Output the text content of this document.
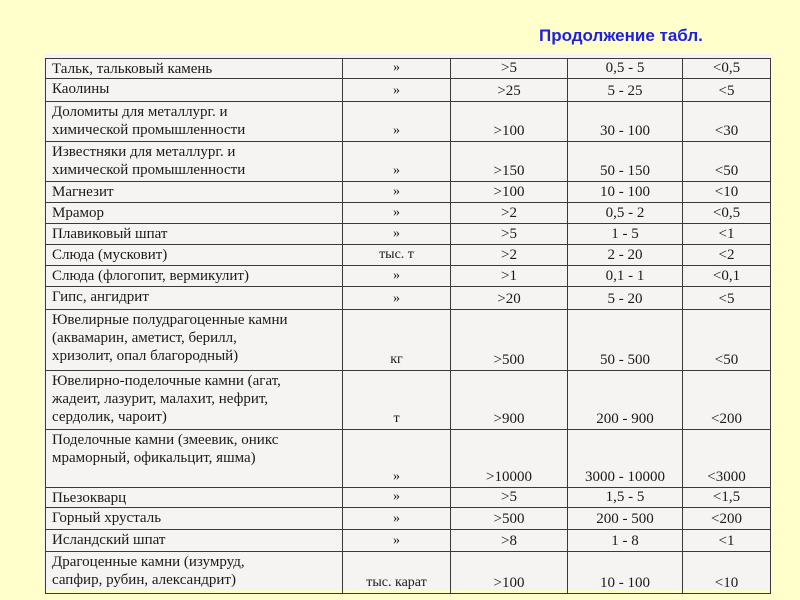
Продолжение табл.
Тальк, тальковый камень	»	>5	0,5 - 5	<0,5

Каолины	»	>25	5 - 25	<5

Доломиты для металлург. и
химической промышленности	»	>100	30 - 100	<30

Известняки для металлург. и
химической промышленности	»	>150	50 - 150	<50

Магнезит	»	>100	10 - 100	<10

Мрамор	»	>2	0,5 - 2	<0,5

Плавиковый шпат	»	>5	1 - 5	<1

Слюда (мусковит)	тыс. т	>2	2 - 20	<2

Слюда (флогопит, вермикулит)	»	>1	0,1 - 1	<0,1

Гипс, ангидрит	»	>20	5 - 20	<5

Ювелирные полудрагоценные камни
(аквамарин, аметист, берилл,
хризолит, опал благородный)	кг	>500	50 - 500	<50

Ювелирно-поделочные камни (агат,
жадеит, лазурит, малахит, нефрит,
сердолик, чароит)	т	>900	200 - 900	<200

Поделочные камни (змеевик, оникс
мраморный, офикальцит, яшма)	»	>10000	3000 - 10000	<3000

Пьезокварц	»	>5	1,5 - 5	<1,5

Горный хрусталь	»	>500	200 - 500	<200

Исландский шпат	»	>8	1 - 8	<1

Драгоценные камни (изумруд,
сапфир, рубин, александрит)	тыс. карат	>100	10 - 100	<10
